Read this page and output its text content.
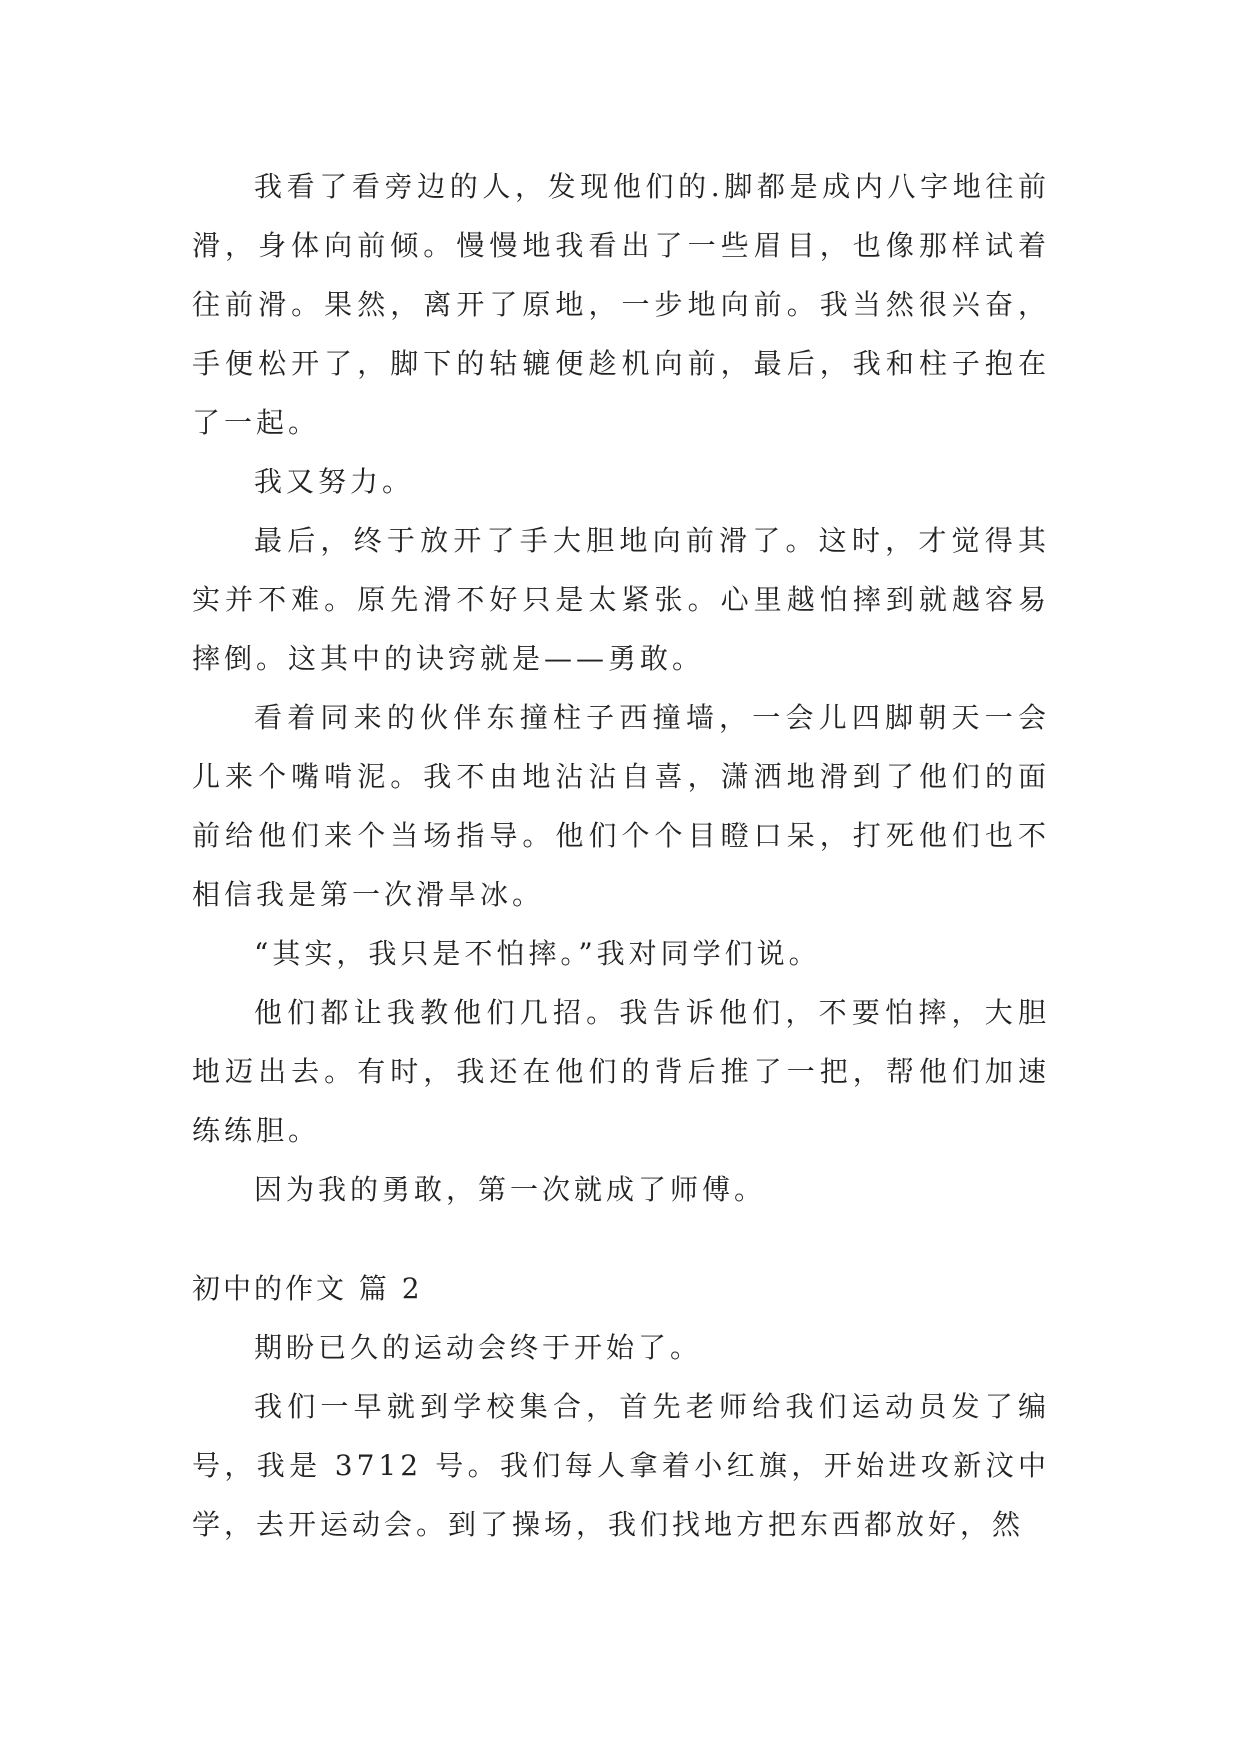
我看了看旁边的人，发现他们的.脚都是成内八字地往前滑，身体向前倾。慢慢地我看出了一些眉目，也像那样试着往前滑。果然，离开了原地，一步地向前。我当然很兴奋，手便松开了，脚下的轱辘便趁机向前，最后，我和柱子抱在了一起。

我又努力。

最后，终于放开了手大胆地向前滑了。这时，才觉得其实并不难。原先滑不好只是太紧张。心里越怕摔到就越容易摔倒。这其中的诀窍就是——勇敢。

看着同来的伙伴东撞柱子西撞墙，一会儿四脚朝天一会儿来个嘴啃泥。我不由地沾沾自喜，潇洒地滑到了他们的面前给他们来个当场指导。他们个个目瞪口呆，打死他们也不相信我是第一次滑旱冰。

“其实，我只是不怕摔。”我对同学们说。

他们都让我教他们几招。我告诉他们，不要怕摔，大胆地迈出去。有时，我还在他们的背后推了一把，帮他们加速练练胆。

因为我的勇敢，第一次就成了师傅。

初中的作文 篇 2

期盼已久的运动会终于开始了。

我们一早就到学校集合，首先老师给我们运动员发了编号，我是 3712 号。我们每人拿着小红旗，开始进攻新汶中学，去开运动会。到了操场，我们找地方把东西都放好，然
